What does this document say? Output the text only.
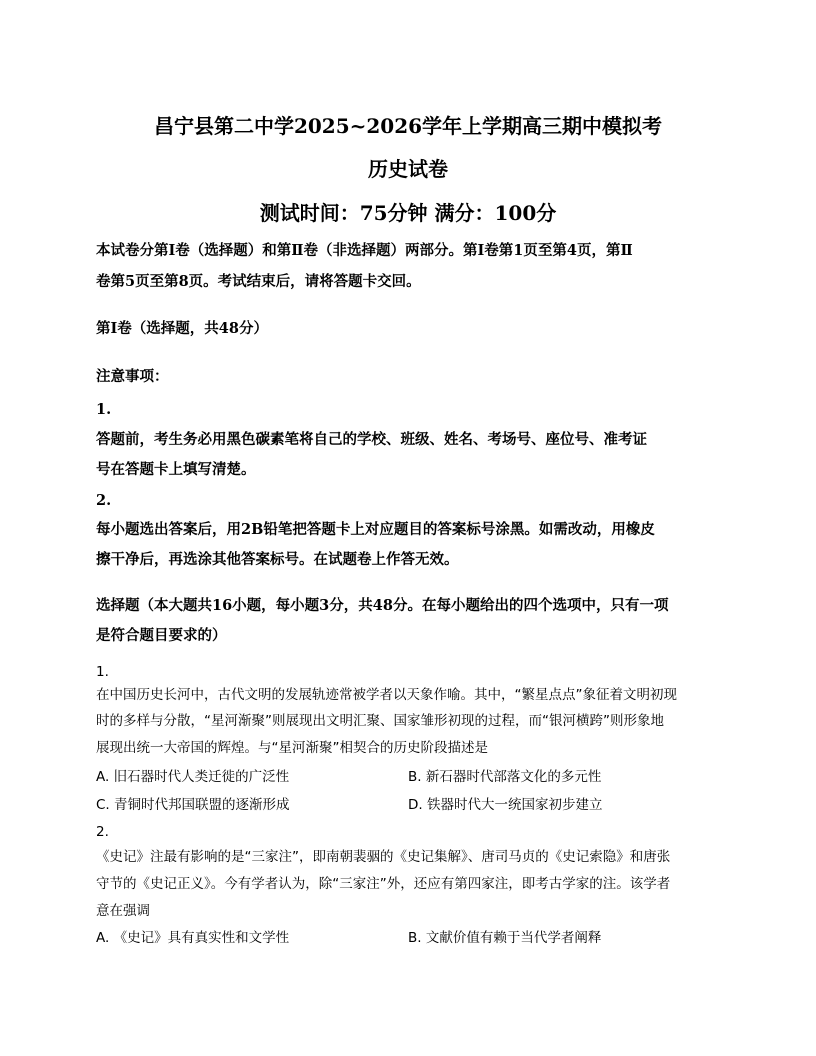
昌宁县第二中学2025~2026学年上学期高三期中模拟考
历史试卷
测试时间：75分钟 满分：100分
本试卷分第Ⅰ卷（选择题）和第Ⅱ卷（非选择题）两部分。第Ⅰ卷第1页至第4页，第Ⅱ
卷第5页至第8页。考试结束后，请将答题卡交回。
第Ⅰ卷（选择题，共48分）
注意事项：
1.
答题前，考生务必用黑色碳素笔将自己的学校、班级、姓名、考场号、座位号、准考证
号在答题卡上填写清楚。
2.
每小题选出答案后，用2B铅笔把答题卡上对应题目的答案标号涂黑。如需改动，用橡皮
擦干净后，再选涂其他答案标号。在试题卷上作答无效。
选择题（本大题共16小题，每小题3分，共48分。在每小题给出的四个选项中，只有一项
是符合题目要求的）
1.
在中国历史长河中，古代文明的发展轨迹常被学者以天象作喻。其中，“繁星点点”象征着文明初现
时的多样与分散，“星河渐聚”则展现出文明汇聚、国家雏形初现的过程，而“银河横跨”则形象地
展现出统一大帝国的辉煌。与“星河渐聚”相契合的历史阶段描述是
A. 旧石器时代人类迁徙的广泛性	B. 新石器时代部落文化的多元性
C. 青铜时代邦国联盟的逐渐形成	D. 铁器时代大一统国家初步建立
2.
《史记》注最有影响的是“三家注”，即南朝裴骃的《史记集解》、唐司马贞的《史记索隐》和唐张
守节的《史记正义》。今有学者认为，除“三家注”外，还应有第四家注，即考古学家的注。该学者
意在强调
A. 《史记》具有真实性和文学性	B. 文献价值有赖于当代学者阐释
